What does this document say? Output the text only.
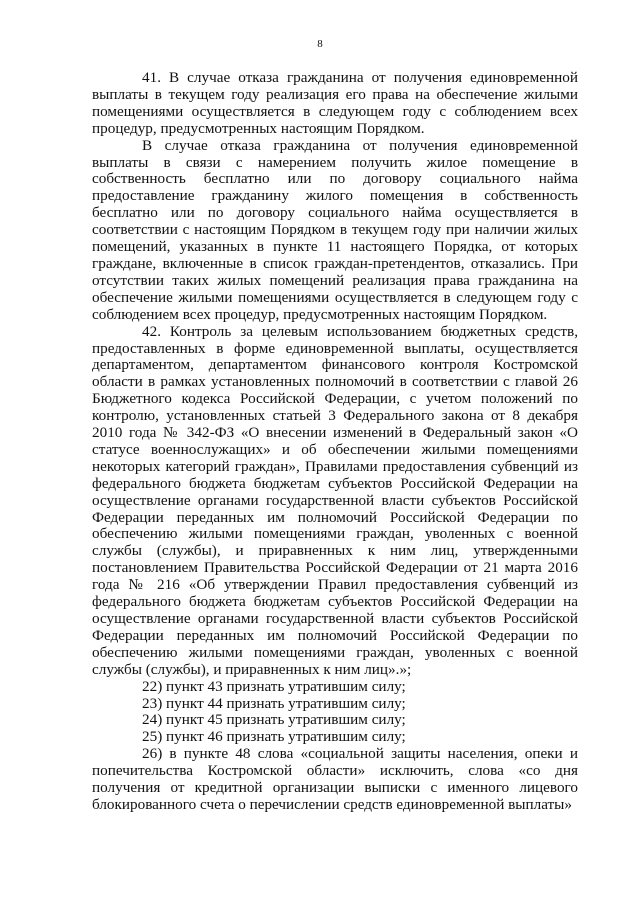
8

41. В случае отказа гражданина от получения единовременной выплаты в текущем году реализация его права на обеспечение жилыми помещениями осуществляется в следующем году с соблюдением всех процедур, предусмотренных настоящим Порядком.

В случае отказа гражданина от получения единовременной выплаты в связи с намерением получить жилое помещение в собственность бесплатно или по договору социального найма предоставление гражданину жилого помещения в собственность бесплатно или по договору социального найма осуществляется в соответствии с настоящим Порядком в текущем году при наличии жилых помещений, указанных в пункте 11 настоящего Порядка, от которых граждане, включенные в список граждан-претендентов, отказались. При отсутствии таких жилых помещений реализация права гражданина на обеспечение жилыми помещениями осуществляется в следующем году с соблюдением всех процедур, предусмотренных настоящим Порядком.

42. Контроль за целевым использованием бюджетных средств, предоставленных в форме единовременной выплаты, осуществляется департаментом, департаментом финансового контроля Костромской области в рамках установленных полномочий в соответствии с главой 26 Бюджетного кодекса Российской Федерации, с учетом положений по контролю, установленных статьей 3 Федерального закона от 8 декабря 2010 года № 342-ФЗ «О внесении изменений в Федеральный закон «О статусе военнослужащих» и об обеспечении жилыми помещениями некоторых категорий граждан», Правилами предоставления субвенций из федерального бюджета бюджетам субъектов Российской Федерации на осуществление органами государственной власти субъектов Российской Федерации переданных им полномочий Российской Федерации по обеспечению жилыми помещениями граждан, уволенных с военной службы (службы), и приравненных к ним лиц, утвержденными постановлением Правительства Российской Федерации от 21 марта 2016 года № 216 «Об утверждении Правил предоставления субвенций из федерального бюджета бюджетам субъектов Российской Федерации на осуществление органами государственной власти субъектов Российской Федерации переданных им полномочий Российской Федерации по обеспечению жилыми помещениями граждан, уволенных с военной службы (службы), и приравненных к ним лиц».»;

22) пункт 43 признать утратившим силу;

23) пункт 44 признать утратившим силу;

24) пункт 45 признать утратившим силу;

25) пункт 46 признать утратившим силу;

26) в пункте 48 слова «социальной защиты населения, опеки и попечительства Костромской области» исключить, слова «со дня получения от кредитной организации выписки с именного лицевого блокированного счета о перечислении средств единовременной выплаты»
